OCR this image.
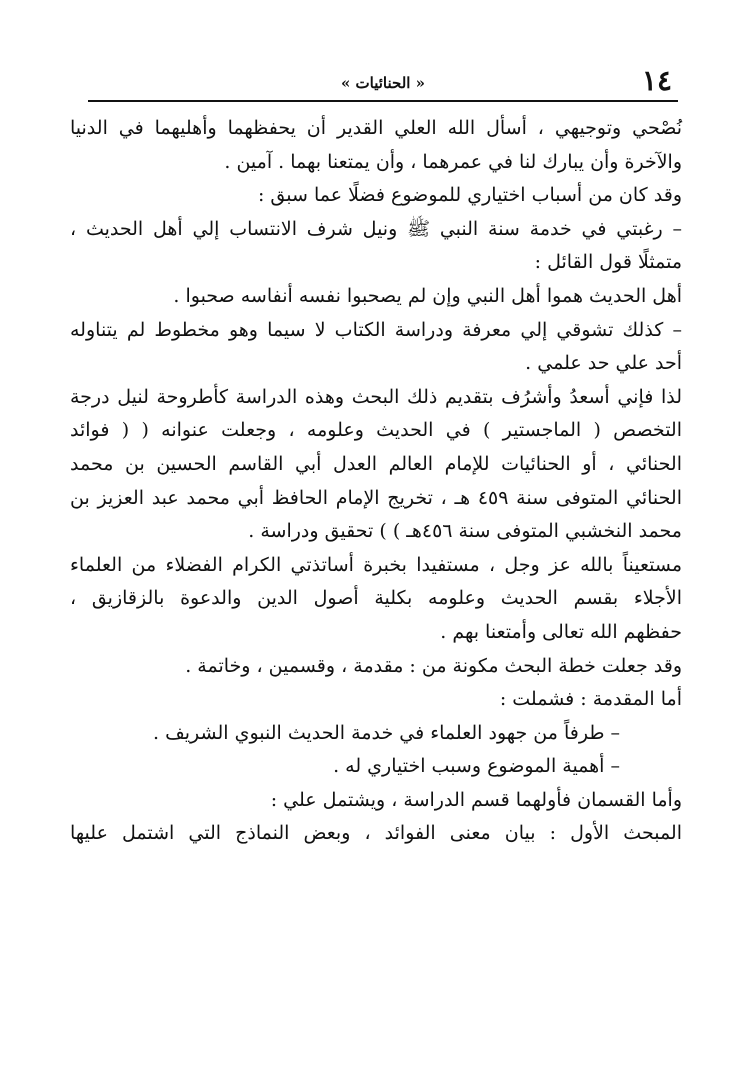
١٤
« الحنائيات »
نُصْحي وتوجيهي ، أسأل الله العلي القدير أن يحفظهما وأهليهما في الدنيا
والآخرة وأن يبارك لنا في عمرهما ، وأن يمتعنا بهما . آمين .
وقد كان من أسباب اختياري للموضوع فضلًا عما سبق :
– رغبتي في خدمة سنة النبي ﷺ ونيل شرف الانتساب إلي أهل الحديث ،
متمثلًا قول القائل :
أهل الحديث هموا أهل النبي وإن لم يصحبوا نفسه أنفاسه صحبوا .
– كذلك تشوقي إلي معرفة ودراسة الكتاب لا سيما وهو مخطوط لم يتناوله
أحد علي حد علمي .
لذا فإني أسعدُ وأشرُف بتقديم ذلك البحث وهذه الدراسة كأطروحة لنيل درجة
التخصص ( الماجستير ) في الحديث وعلومه ، وجعلت عنوانه ( ( فوائد
الحنائي ، أو الحنائيات للإمام العالم العدل أبي القاسم الحسين بن محمد
الحنائي المتوفى سنة ٤٥٩ هـ ، تخريج الإمام الحافظ أبي محمد عبد العزيز بن
محمد النخشبي المتوفى سنة ٤٥٦هـ ) ) تحقيق ودراسة .
مستعيناً بالله عز وجل ، مستفيدا بخبرة أساتذتي الكرام الفضلاء من العلماء
الأجلاء بقسم الحديث وعلومه بكلية أصول الدين والدعوة بالزقازيق ،
حفظهم الله تعالى وأمتعنا بهم .
وقد جعلت خطة البحث مكونة من : مقدمة ، وقسمين ، وخاتمة .
أما المقدمة : فشملت :
– طرفاً من جهود العلماء في خدمة الحديث النبوي الشريف .
– أهمية الموضوع وسبب اختياري له .
وأما القسمان فأولهما قسم الدراسة ، ويشتمل علي :
المبحث الأول : بيان معنى الفوائد ، وبعض النماذج التي اشتمل عليها
